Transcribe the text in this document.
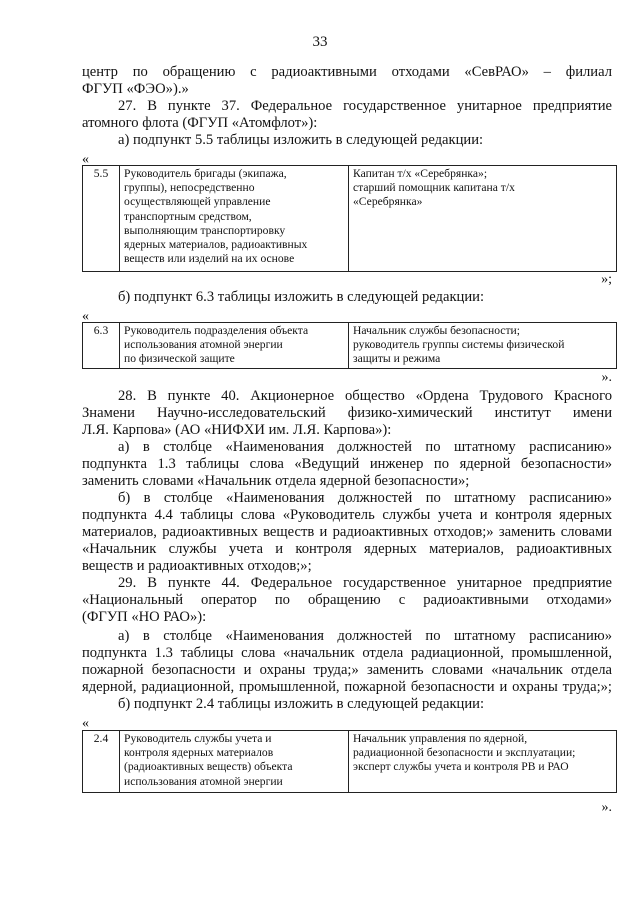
33
центр по обращению с радиоактивными отходами «СевРАО» – филиал
ФГУП «ФЭО»).»
27. В пункте 37. Федеральное государственное унитарное предприятие
атомного флота (ФГУП «Атомфлот»):
а) подпункт 5.5 таблицы изложить в следующей редакции:
«
5.5	Руководитель бригады (экипажа,
группы), непосредственно
осуществляющей управление
транспортным средством,
выполняющим транспортировку
ядерных материалов, радиоактивных
веществ или изделий на их основе

Капитан т/х «Серебрянка»;
старший помощник капитана т/х
«Серебрянка»
»;
б) подпункт 6.3 таблицы изложить в следующей редакции:
«
6.3	Руководитель подразделения объекта
использования атомной энергии
по физической защите

Начальник службы безопасности;
руководитель группы системы физической
защиты и режима
».
28. В пункте 40. Акционерное общество «Ордена Трудового Красного
Знамени Научно-исследовательский физико-химический институт имени
Л.Я. Карпова» (АО «НИФХИ им. Л.Я. Карпова»):
а) в столбце «Наименования должностей по штатному расписанию»
подпункта 1.3 таблицы слова «Ведущий инженер по ядерной безопасности»
заменить словами «Начальник отдела ядерной безопасности»;
б) в столбце «Наименования должностей по штатному расписанию»
подпункта 4.4 таблицы слова «Руководитель службы учета и контроля ядерных
материалов, радиоактивных веществ и радиоактивных отходов;» заменить словами
«Начальник службы учета и контроля ядерных материалов, радиоактивных
веществ и радиоактивных отходов;»;
29. В пункте 44. Федеральное государственное унитарное предприятие
«Национальный оператор по обращению с радиоактивными отходами»
(ФГУП «НО РАО»):
а) в столбце «Наименования должностей по штатному расписанию»
подпункта 1.3 таблицы слова «начальник отдела радиационной, промышленной,
пожарной безопасности и охраны труда;» заменить словами «начальник отдела
ядерной, радиационной, промышленной, пожарной безопасности и охраны труда;»;
б) подпункт 2.4 таблицы изложить в следующей редакции:
«
2.4	Руководитель службы учета и
контроля ядерных материалов
(радиоактивных веществ) объекта
использования атомной энергии

Начальник управления по ядерной,
радиационной безопасности и эксплуатации;
эксперт службы учета и контроля РВ и РАО
».
